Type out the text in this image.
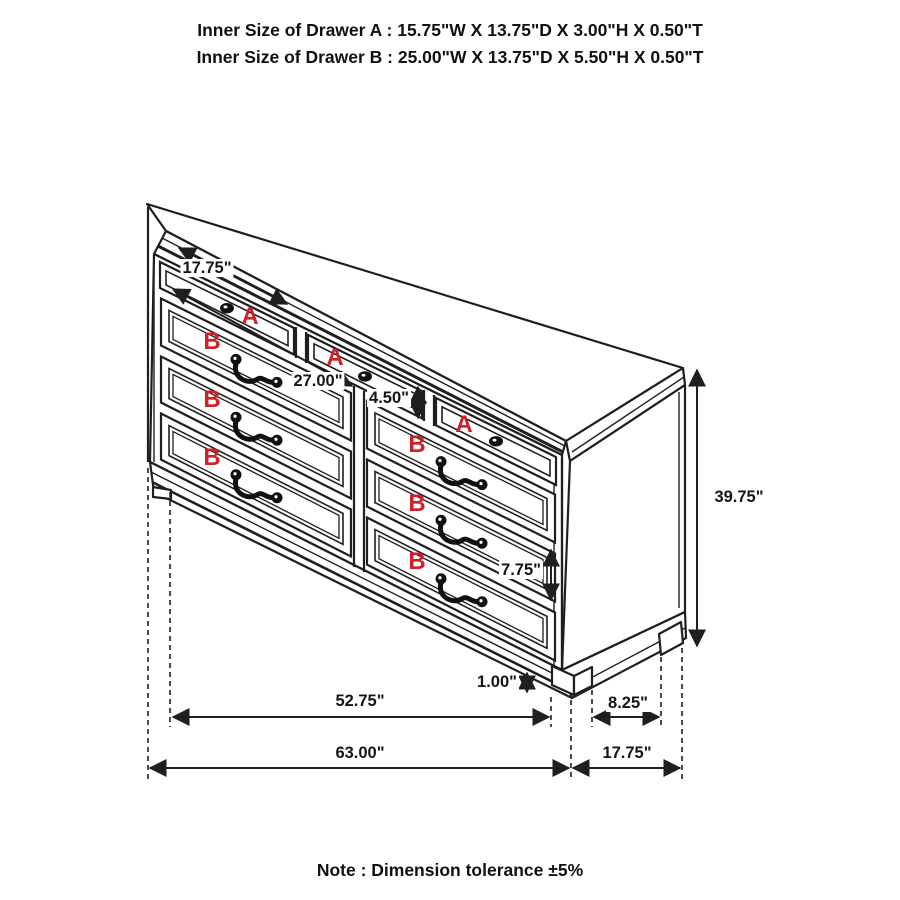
Inner Size of Drawer A : 15.75"W X 13.75"D X 3.00"H X 0.50"T
Inner Size of Drawer B : 25.00"W X 13.75"D X 5.50"H X 0.50"T
17.75"
27.00"
4.50"
7.75"
39.75"
1.00"
52.75"	8.25"
63.00"	17.75"
A
A
A
B
B
B	B
B
B
Note : Dimension tolerance ±5%
